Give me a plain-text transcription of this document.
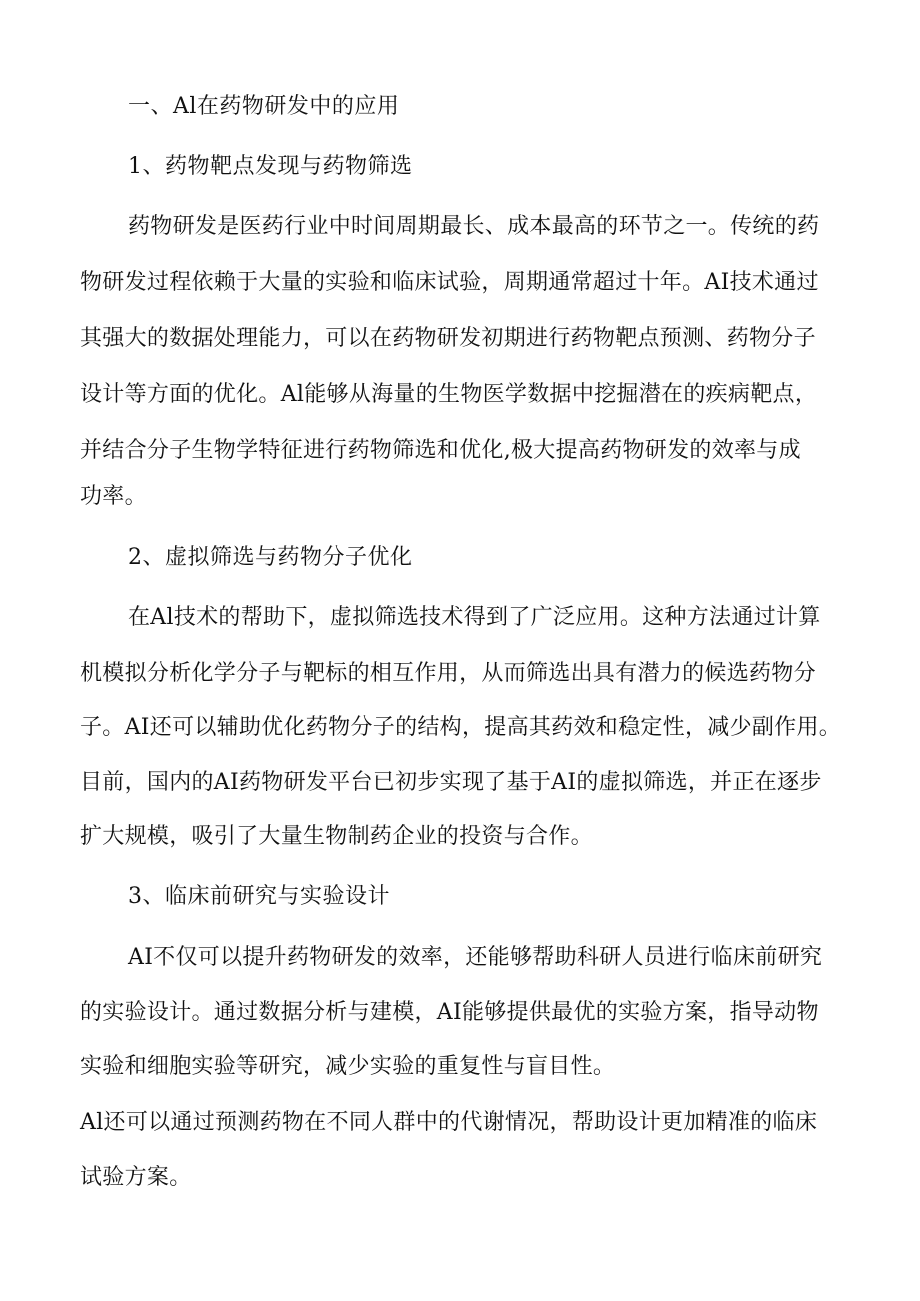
一、Al在药物研发中的应用
1、药物靶点发现与药物筛选
药物研发是医药行业中时间周期最长、成本最高的环节之一。传统的药
物研发过程依赖于大量的实验和临床试验，周期通常超过十年。AI技术通过
其强大的数据处理能力，可以在药物研发初期进行药物靶点预测、药物分子
设计等方面的优化。Al能够从海量的生物医学数据中挖掘潜在的疾病靶点，
并结合分子生物学特征进行药物筛选和优化,极大提高药物研发的效率与成
功率。
2、虚拟筛选与药物分子优化
在Al技术的帮助下，虚拟筛选技术得到了广泛应用。这种方法通过计算
机模拟分析化学分子与靶标的相互作用，从而筛选出具有潜力的候选药物分
子。AI还可以辅助优化药物分子的结构，提高其药效和稳定性，减少副作用。
目前，国内的AI药物研发平台已初步实现了基于AI的虚拟筛选，并正在逐步
扩大规模，吸引了大量生物制药企业的投资与合作。
3、临床前研究与实验设计
AI不仅可以提升药物研发的效率，还能够帮助科研人员进行临床前研究
的实验设计。通过数据分析与建模，AI能够提供最优的实验方案，指导动物
实验和细胞实验等研究，减少实验的重复性与盲目性。
Al还可以通过预测药物在不同人群中的代谢情况，帮助设计更加精准的临床
试验方案。
